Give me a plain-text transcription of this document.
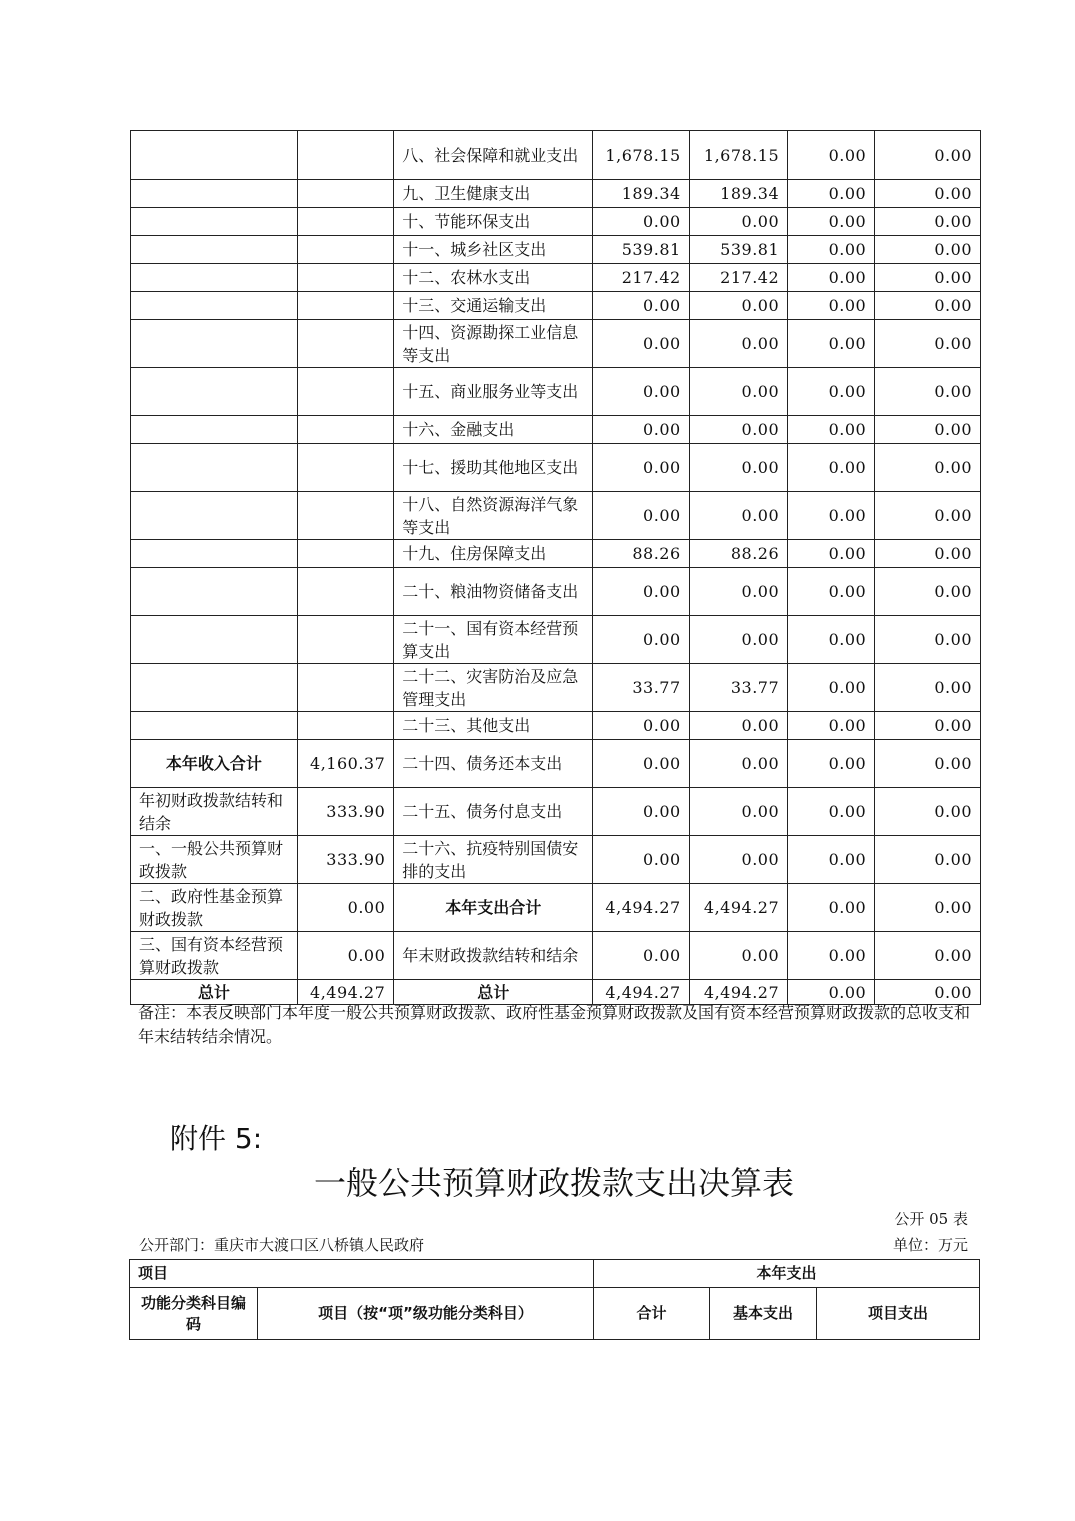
		八、社会保障和就业支出	1,678.15	1,678.15	0.00	0.00
		九、卫生健康支出	189.34	189.34	0.00	0.00
		十、节能环保支出	0.00	0.00	0.00	0.00
		十一、城乡社区支出	539.81	539.81	0.00	0.00
		十二、农林水支出	217.42	217.42	0.00	0.00
		十三、交通运输支出	0.00	0.00	0.00	0.00
		十四、资源勘探工业信息等支出	0.00	0.00	0.00	0.00
		十五、商业服务业等支出	0.00	0.00	0.00	0.00
		十六、金融支出	0.00	0.00	0.00	0.00
		十七、援助其他地区支出	0.00	0.00	0.00	0.00
		十八、自然资源海洋气象等支出	0.00	0.00	0.00	0.00
		十九、住房保障支出	88.26	88.26	0.00	0.00
		二十、粮油物资储备支出	0.00	0.00	0.00	0.00
		二十一、国有资本经营预算支出	0.00	0.00	0.00	0.00
		二十二、灾害防治及应急管理支出	33.77	33.77	0.00	0.00
		二十三、其他支出	0.00	0.00	0.00	0.00
本年收入合计	4,160.37	二十四、债务还本支出	0.00	0.00	0.00	0.00
年初财政拨款结转和结余	333.90	二十五、债务付息支出	0.00	0.00	0.00	0.00
一、一般公共预算财政拨款	333.90	二十六、抗疫特别国债安排的支出	0.00	0.00	0.00	0.00
二、政府性基金预算财政拨款	0.00	本年支出合计	4,494.27	4,494.27	0.00	0.00
三、国有资本经营预算财政拨款	0.00	年末财政拨款结转和结余	0.00	0.00	0.00	0.00
总计	4,494.27	总计	4,494.27	4,494.27	0.00	0.00
备注：本表反映部门本年度一般公共预算财政拨款、政府性基金预算财政拨款及国有资本经营预算财政拨款的总收支和年末结转结余情况。
附件 5:
一般公共预算财政拨款支出决算表
公开 05 表
公开部门：重庆市大渡口区八桥镇人民政府	单位：万元
项目		本年支出		
功能分类科目编码	项目（按“项”级功能分类科目）	合计	基本支出	项目支出
